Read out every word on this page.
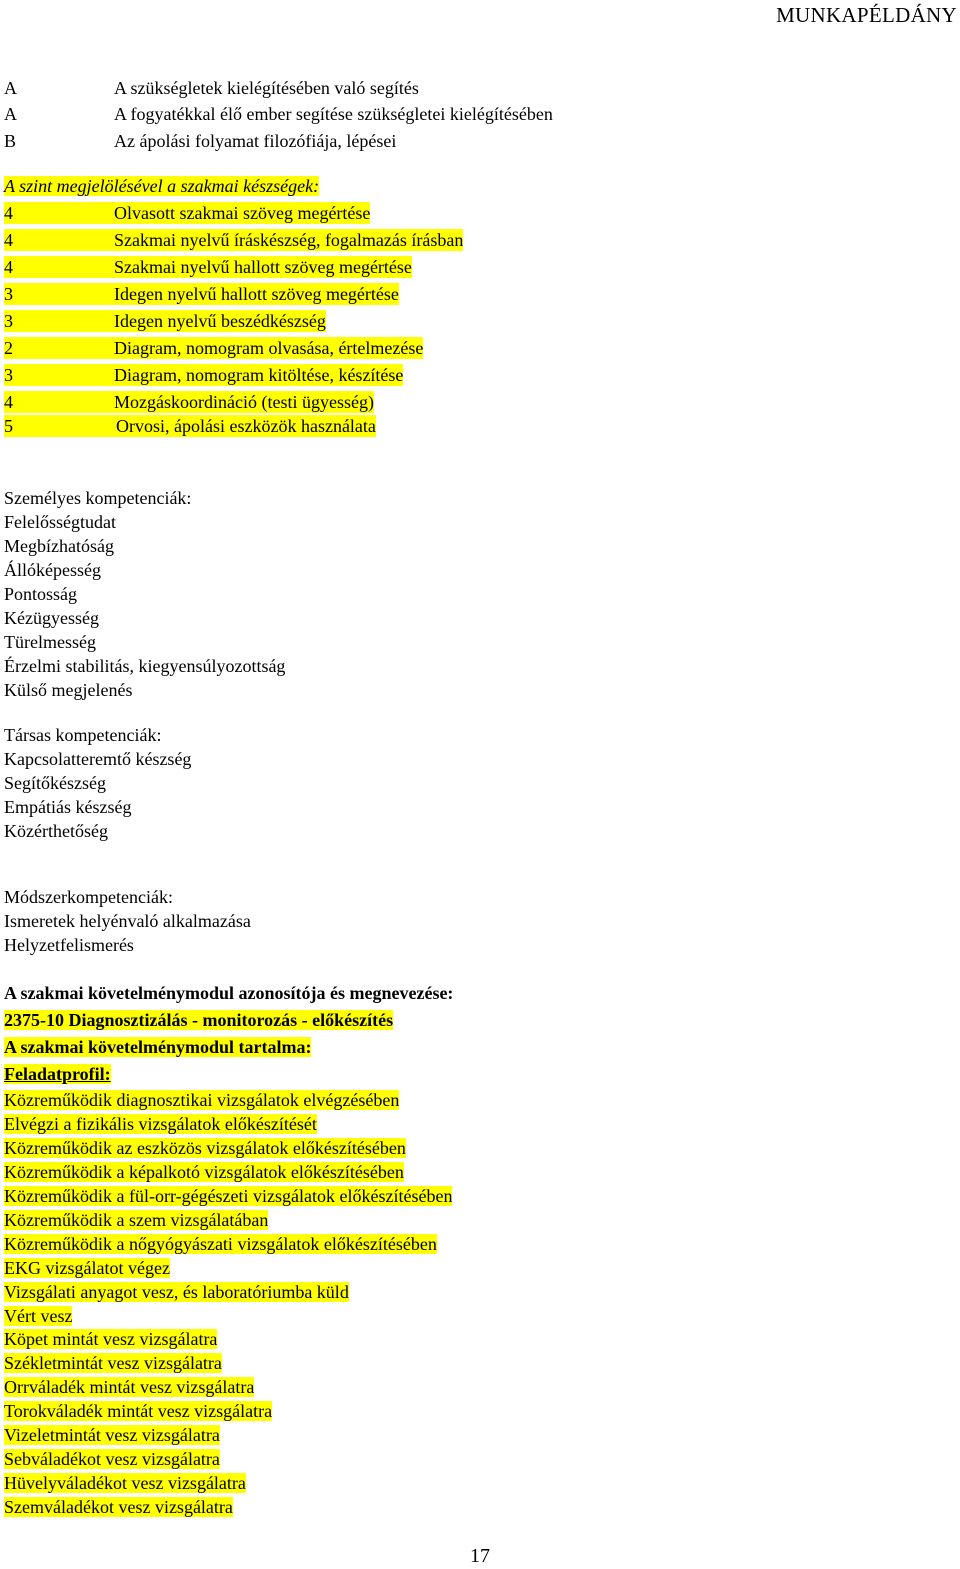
MUNKAPÉLDÁNY
A	A szükségletek kielégítésében való segítés
A	A fogyatékkal élő ember segítése szükségletei kielégítésében
B	Az ápolási folyamat filozófiája, lépései
A szint megjelölésével a szakmai készségek:
4	Olvasott szakmai szöveg megértése
4	Szakmai nyelvű íráskészség, fogalmazás írásban
4	Szakmai nyelvű hallott szöveg megértése
3	Idegen nyelvű hallott szöveg megértése
3	Idegen nyelvű beszédkészség
2	Diagram, nomogram olvasása, értelmezése
3	Diagram, nomogram kitöltése, készítése
4	Mozgáskoordináció (testi ügyesség)
5	Orvosi, ápolási eszközök használata
Személyes kompetenciák:
Felelősségtudat
Megbízhatóság
Állóképesség
Pontosság
Kézügyesség
Türelmesség
Érzelmi stabilitás, kiegyensúlyozottság
Külső megjelenés
Társas kompetenciák:
Kapcsolatteremtő készség
Segítőkészség
Empátiás készség
Közérthetőség
Módszerkompetenciák:
Ismeretek helyénvaló alkalmazása
Helyzetfelismerés
A szakmai követelménymodul azonosítója és megnevezése:
2375-10 Diagnosztizálás - monitorozás - előkészítés
A szakmai követelménymodul tartalma:
Feladatprofil:
Közreműködik diagnosztikai vizsgálatok elvégzésében
Elvégzi a fizikális vizsgálatok előkészítését
Közreműködik az eszközös vizsgálatok előkészítésében
Közreműködik a képalkotó vizsgálatok előkészítésében
Közreműködik a fül-orr-gégészeti vizsgálatok előkészítésében
Közreműködik a szem vizsgálatában
Közreműködik a nőgyógyászati vizsgálatok előkészítésében
EKG vizsgálatot végez
Vizsgálati anyagot vesz, és laboratóriumba küld
Vért vesz
Köpet mintát vesz vizsgálatra
Székletmintát vesz vizsgálatra
Orrváladék mintát vesz vizsgálatra
Torokváladék mintát vesz vizsgálatra
Vizeletmintát vesz vizsgálatra
Sebváladékot vesz vizsgálatra
Hüvelyváladékot vesz vizsgálatra
Szemváladékot vesz vizsgálatra
17
